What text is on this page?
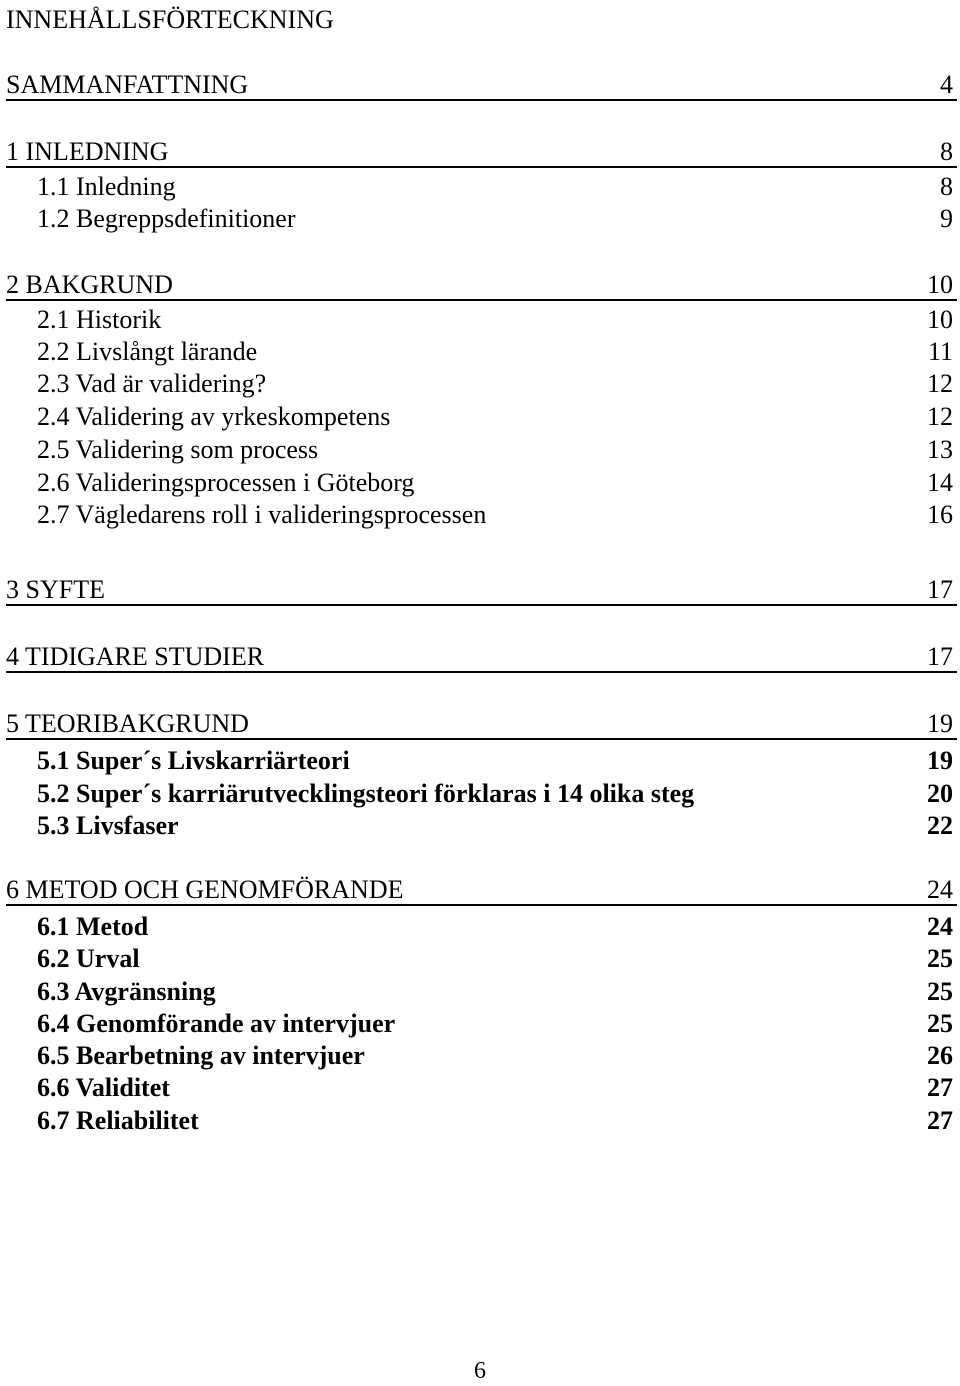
INNEHÅLLSFÖRTECKNING
SAMMANFATTNING	4
1 INLEDNING	8
1.1 Inledning	8
1.2 Begreppsdefinitioner	9
2 BAKGRUND	10
2.1 Historik	10
2.2 Livslångt lärande	11
2.3 Vad är validering?	12
2.4 Validering av yrkeskompetens	12
2.5 Validering som process	13
2.6 Valideringsprocessen i Göteborg	14
2.7 Vägledarens roll i valideringsprocessen	16
3 SYFTE	17
4 TIDIGARE STUDIER	17
5 TEORIBAKGRUND	19
5.1 Super´s Livskarriärteori	19
5.2 Super´s karriärutvecklingsteori förklaras i 14 olika steg	20
5.3 Livsfaser	22
6 METOD OCH GENOMFÖRANDE	24
6.1 Metod	24
6.2 Urval	25
6.3 Avgränsning	25
6.4 Genomförande av intervjuer	25
6.5 Bearbetning av intervjuer	26
6.6 Validitet	27
6.7 Reliabilitet	27
6
